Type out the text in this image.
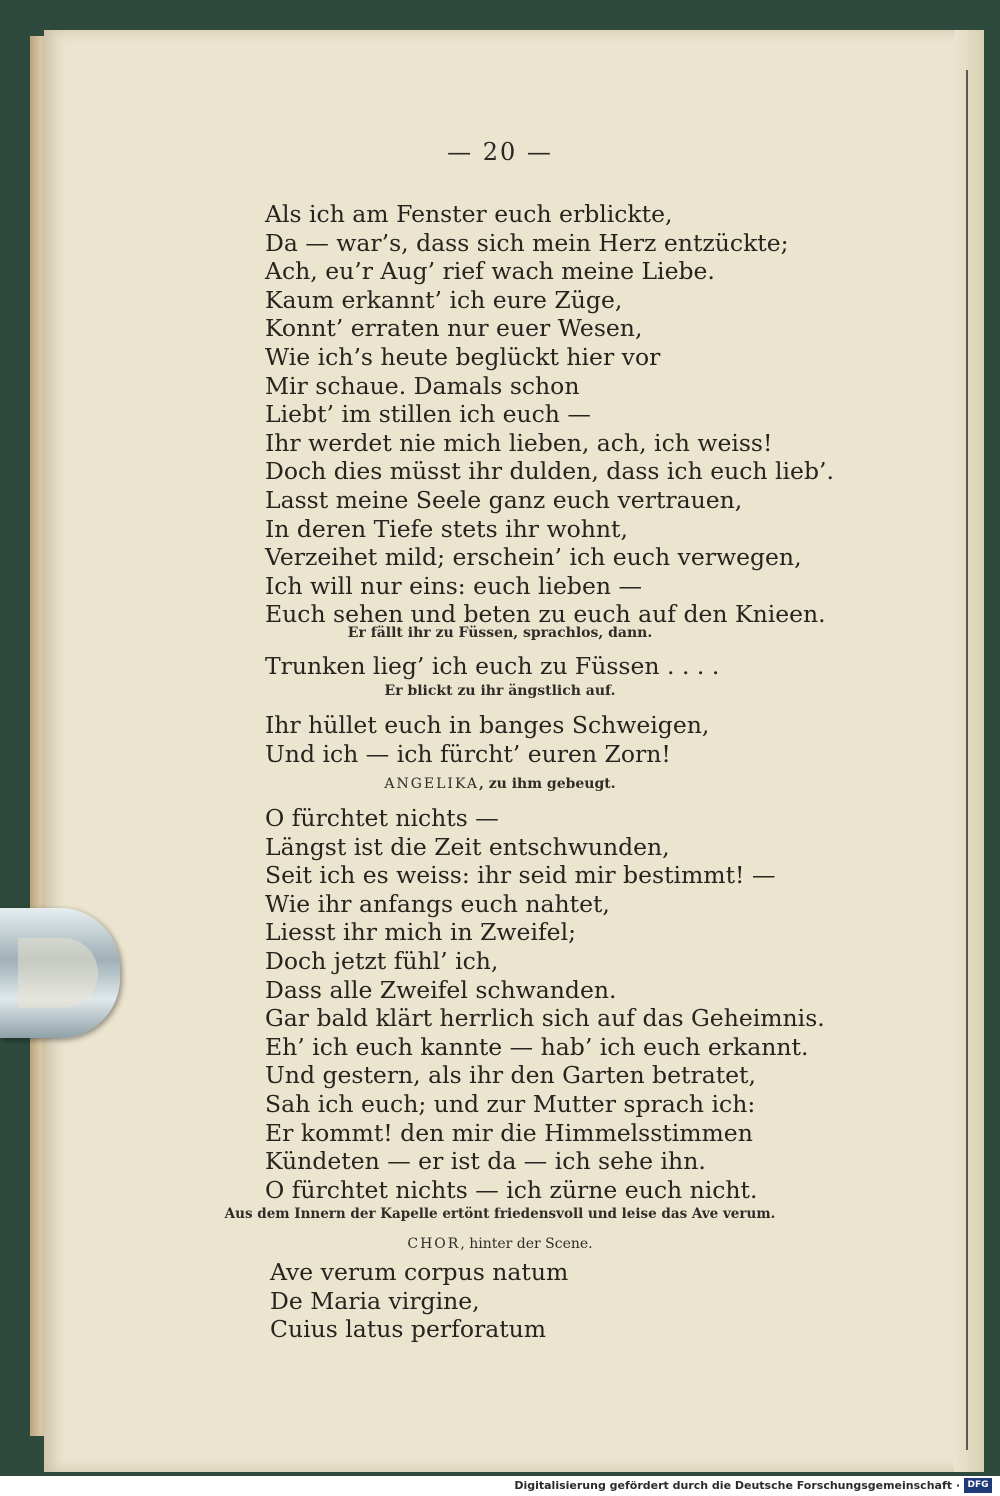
— 20 —
Als ich am Fenster euch erblickte,
Da — war’s, dass sich mein Herz entzückte;
Ach, eu’r Aug’ rief wach meine Liebe.
Kaum erkannt’ ich eure Züge,
Konnt’ erraten nur euer Wesen,
Wie ich’s heute beglückt hier vor
Mir schaue. Damals schon
Liebt’ im stillen ich euch —
Ihr werdet nie mich lieben, ach, ich weiss!
Doch dies müsst ihr dulden, dass ich euch lieb’.
Lasst meine Seele ganz euch vertrauen,
In deren Tiefe stets ihr wohnt,
Verzeihet mild; erschein’ ich euch verwegen,
Ich will nur eins: euch lieben —
Euch sehen und beten zu euch auf den Knieen.
Er fällt ihr zu Füssen, sprachlos, dann.
Trunken lieg’ ich euch zu Füssen . . . .
Er blickt zu ihr ängstlich auf.
Ihr hüllet euch in banges Schweigen,
Und ich — ich fürcht’ euren Zorn!
ANGELIKA, zu ihm gebeugt.
O fürchtet nichts —
Längst ist die Zeit entschwunden,
Seit ich es weiss: ihr seid mir bestimmt! —
Wie ihr anfangs euch nahtet,
Liesst ihr mich in Zweifel;
Doch jetzt fühl’ ich,
Dass alle Zweifel schwanden.
Gar bald klärt herrlich sich auf das Geheimnis.
Eh’ ich euch kannte — hab’ ich euch erkannt.
Und gestern, als ihr den Garten betratet,
Sah ich euch; und zur Mutter sprach ich:
Er kommt! den mir die Himmelsstimmen
Kündeten — er ist da — ich sehe ihn.
O fürchtet nichts — ich zürne euch nicht.
Aus dem Innern der Kapelle ertönt friedensvoll und leise das Ave verum.
CHOR, hinter der Scene.
Ave verum corpus natum
De Maria virgine,
Cuius latus perforatum
Digitalisierung gefördert durch die Deutsche Forschungsgemeinschaft · DFG
